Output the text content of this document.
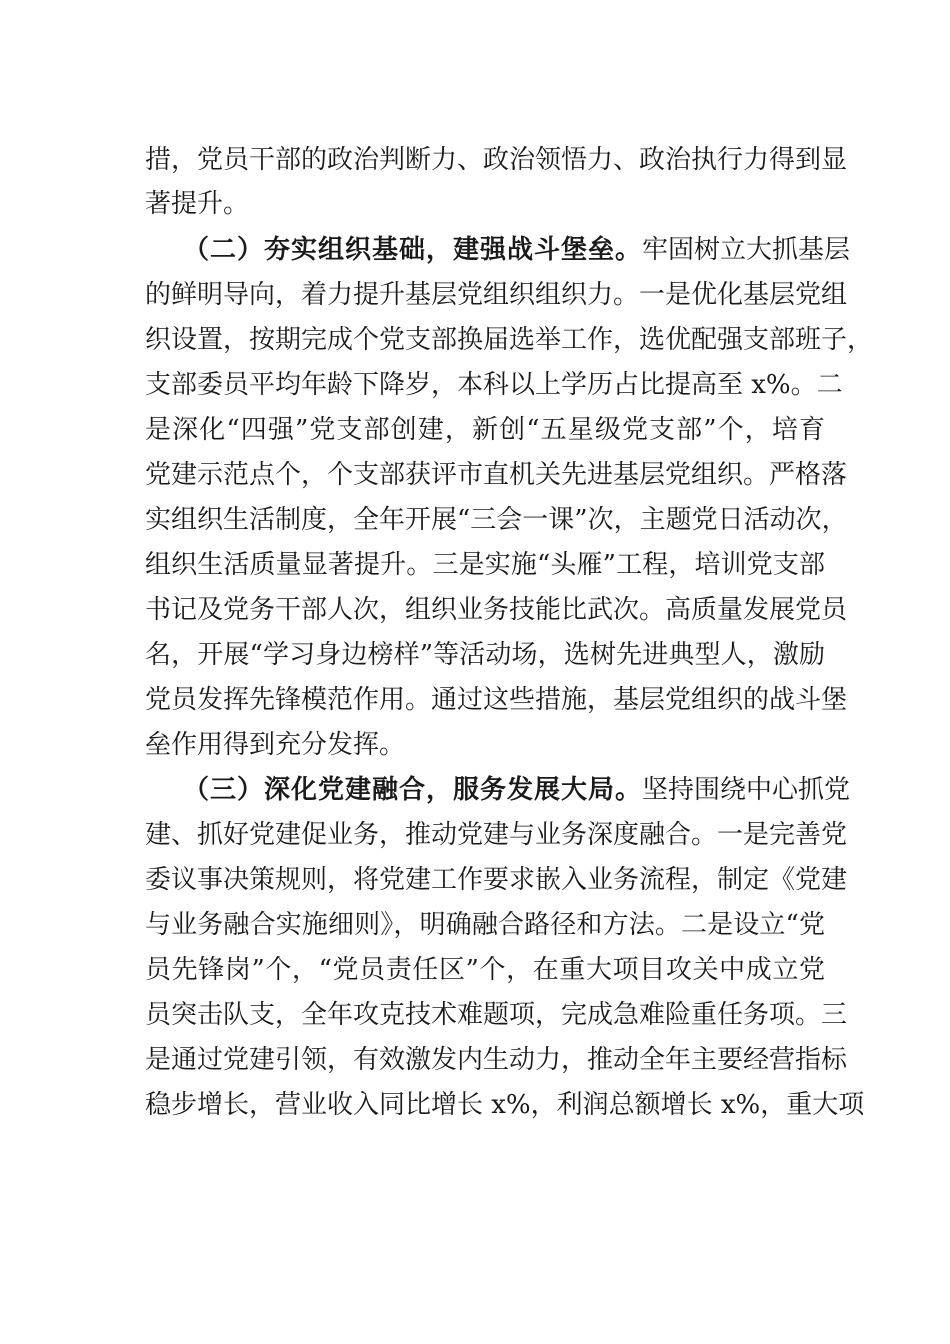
措，党员干部的政治判断力、政治领悟力、政治执行力得到显
著提升。
（二）夯实组织基础，建强战斗堡垒。牢固树立大抓基层
的鲜明导向，着力提升基层党组织组织力。一是优化基层党组
织设置，按期完成个党支部换届选举工作，选优配强支部班子，
支部委员平均年龄下降岁，本科以上学历占比提高至 x%。二
是深化“四强”党支部创建，新创“五星级党支部”个，培育
党建示范点个，个支部获评市直机关先进基层党组织。严格落
实组织生活制度，全年开展“三会一课”次，主题党日活动次，
组织生活质量显著提升。三是实施“头雁”工程，培训党支部
书记及党务干部人次，组织业务技能比武次。高质量发展党员
名，开展“学习身边榜样”等活动场，选树先进典型人，激励
党员发挥先锋模范作用。通过这些措施，基层党组织的战斗堡
垒作用得到充分发挥。
（三）深化党建融合，服务发展大局。坚持围绕中心抓党
建、抓好党建促业务，推动党建与业务深度融合。一是完善党
委议事决策规则，将党建工作要求嵌入业务流程，制定《党建
与业务融合实施细则》，明确融合路径和方法。二是设立“党
员先锋岗”个，“党员责任区”个，在重大项目攻关中成立党
员突击队支，全年攻克技术难题项，完成急难险重任务项。三
是通过党建引领，有效激发内生动力，推动全年主要经营指标
稳步增长，营业收入同比增长 x%，利润总额增长 x%，重大项
